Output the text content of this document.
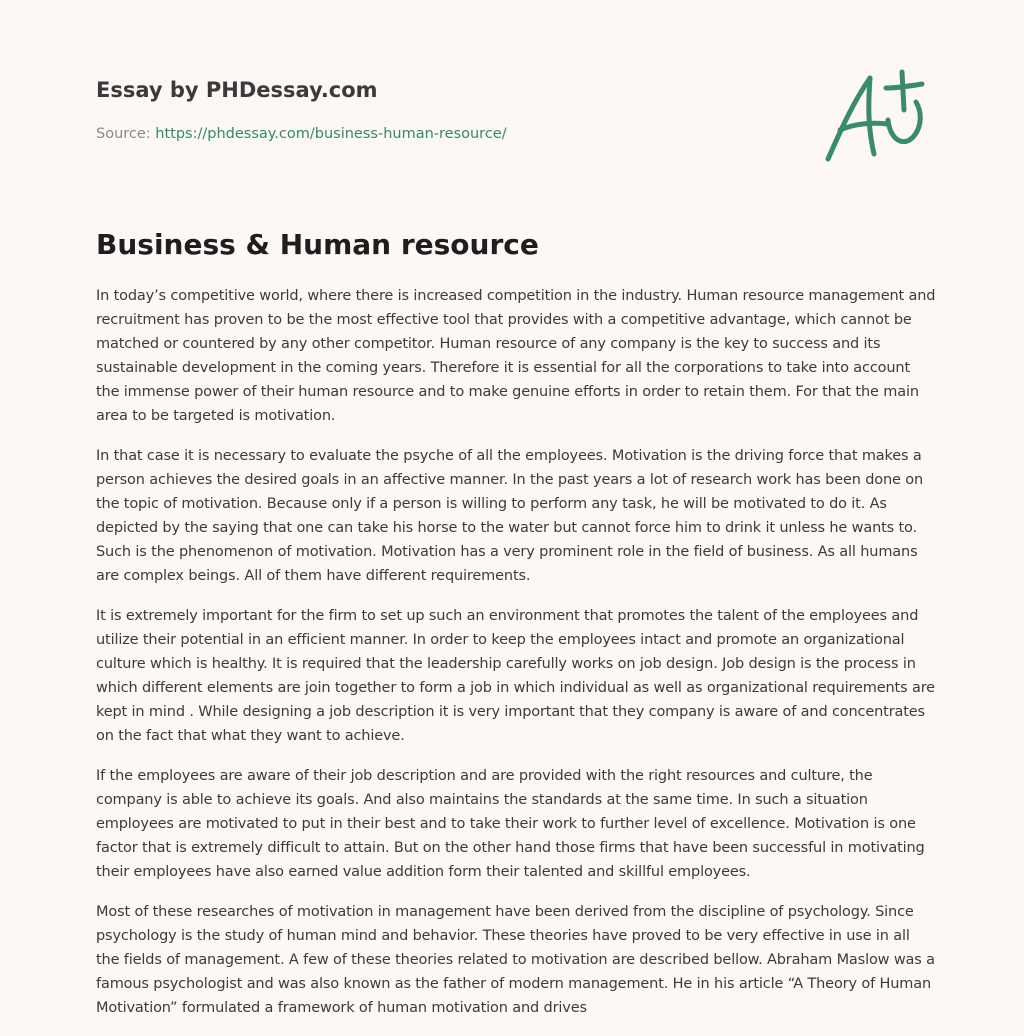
Essay by PHDessay.com
Source: https://phdessay.com/business-human-resource/
Business & Human resource

In today’s competitive world, where there is increased competition in the industry. Human resource management and recruitment has proven to be the most effective tool that provides with a competitive advantage, which cannot be matched or countered by any other competitor. Human resource of any company is the key to success and its sustainable development in the coming years. Therefore it is essential for all the corporations to take into account the immense power of their human resource and to make genuine efforts in order to retain them. For that the main area to be targeted is motivation.

In that case it is necessary to evaluate the psyche of all the employees. Motivation is the driving force that makes a person achieves the desired goals in an affective manner. In the past years a lot of research work has been done on the topic of motivation. Because only if a person is willing to perform any task, he will be motivated to do it. As depicted by the saying that one can take his horse to the water but cannot force him to drink it unless he wants to. Such is the phenomenon of motivation. Motivation has a very prominent role in the field of business. As all humans are complex beings. All of them have different requirements.

It is extremely important for the firm to set up such an environment that promotes the talent of the employees and utilize their potential in an efficient manner. In order to keep the employees intact and promote an organizational culture which is healthy. It is required that the leadership carefully works on job design. Job design is the process in which different elements are join together to form a job in which individual as well as organizational requirements are kept in mind . While designing a job description it is very important that they company is aware of and concentrates on the fact that what they want to achieve.

If the employees are aware of their job description and are provided with the right resources and culture, the company is able to achieve its goals. And also maintains the standards at the same time. In such a situation employees are motivated to put in their best and to take their work to further level of excellence. Motivation is one factor that is extremely difficult to attain. But on the other hand those firms that have been successful in motivating their employees have also earned value addition form their talented and skillful employees.

Most of these researches of motivation in management have been derived from the discipline of psychology. Since psychology is the study of human mind and behavior. These theories have proved to be very effective in use in all the fields of management. A few of these theories related to motivation are described bellow. Abraham Maslow was a famous psychologist and was also known as the father of modern management. He in his article “A Theory of Human Motivation” formulated a framework of human motivation and drives
